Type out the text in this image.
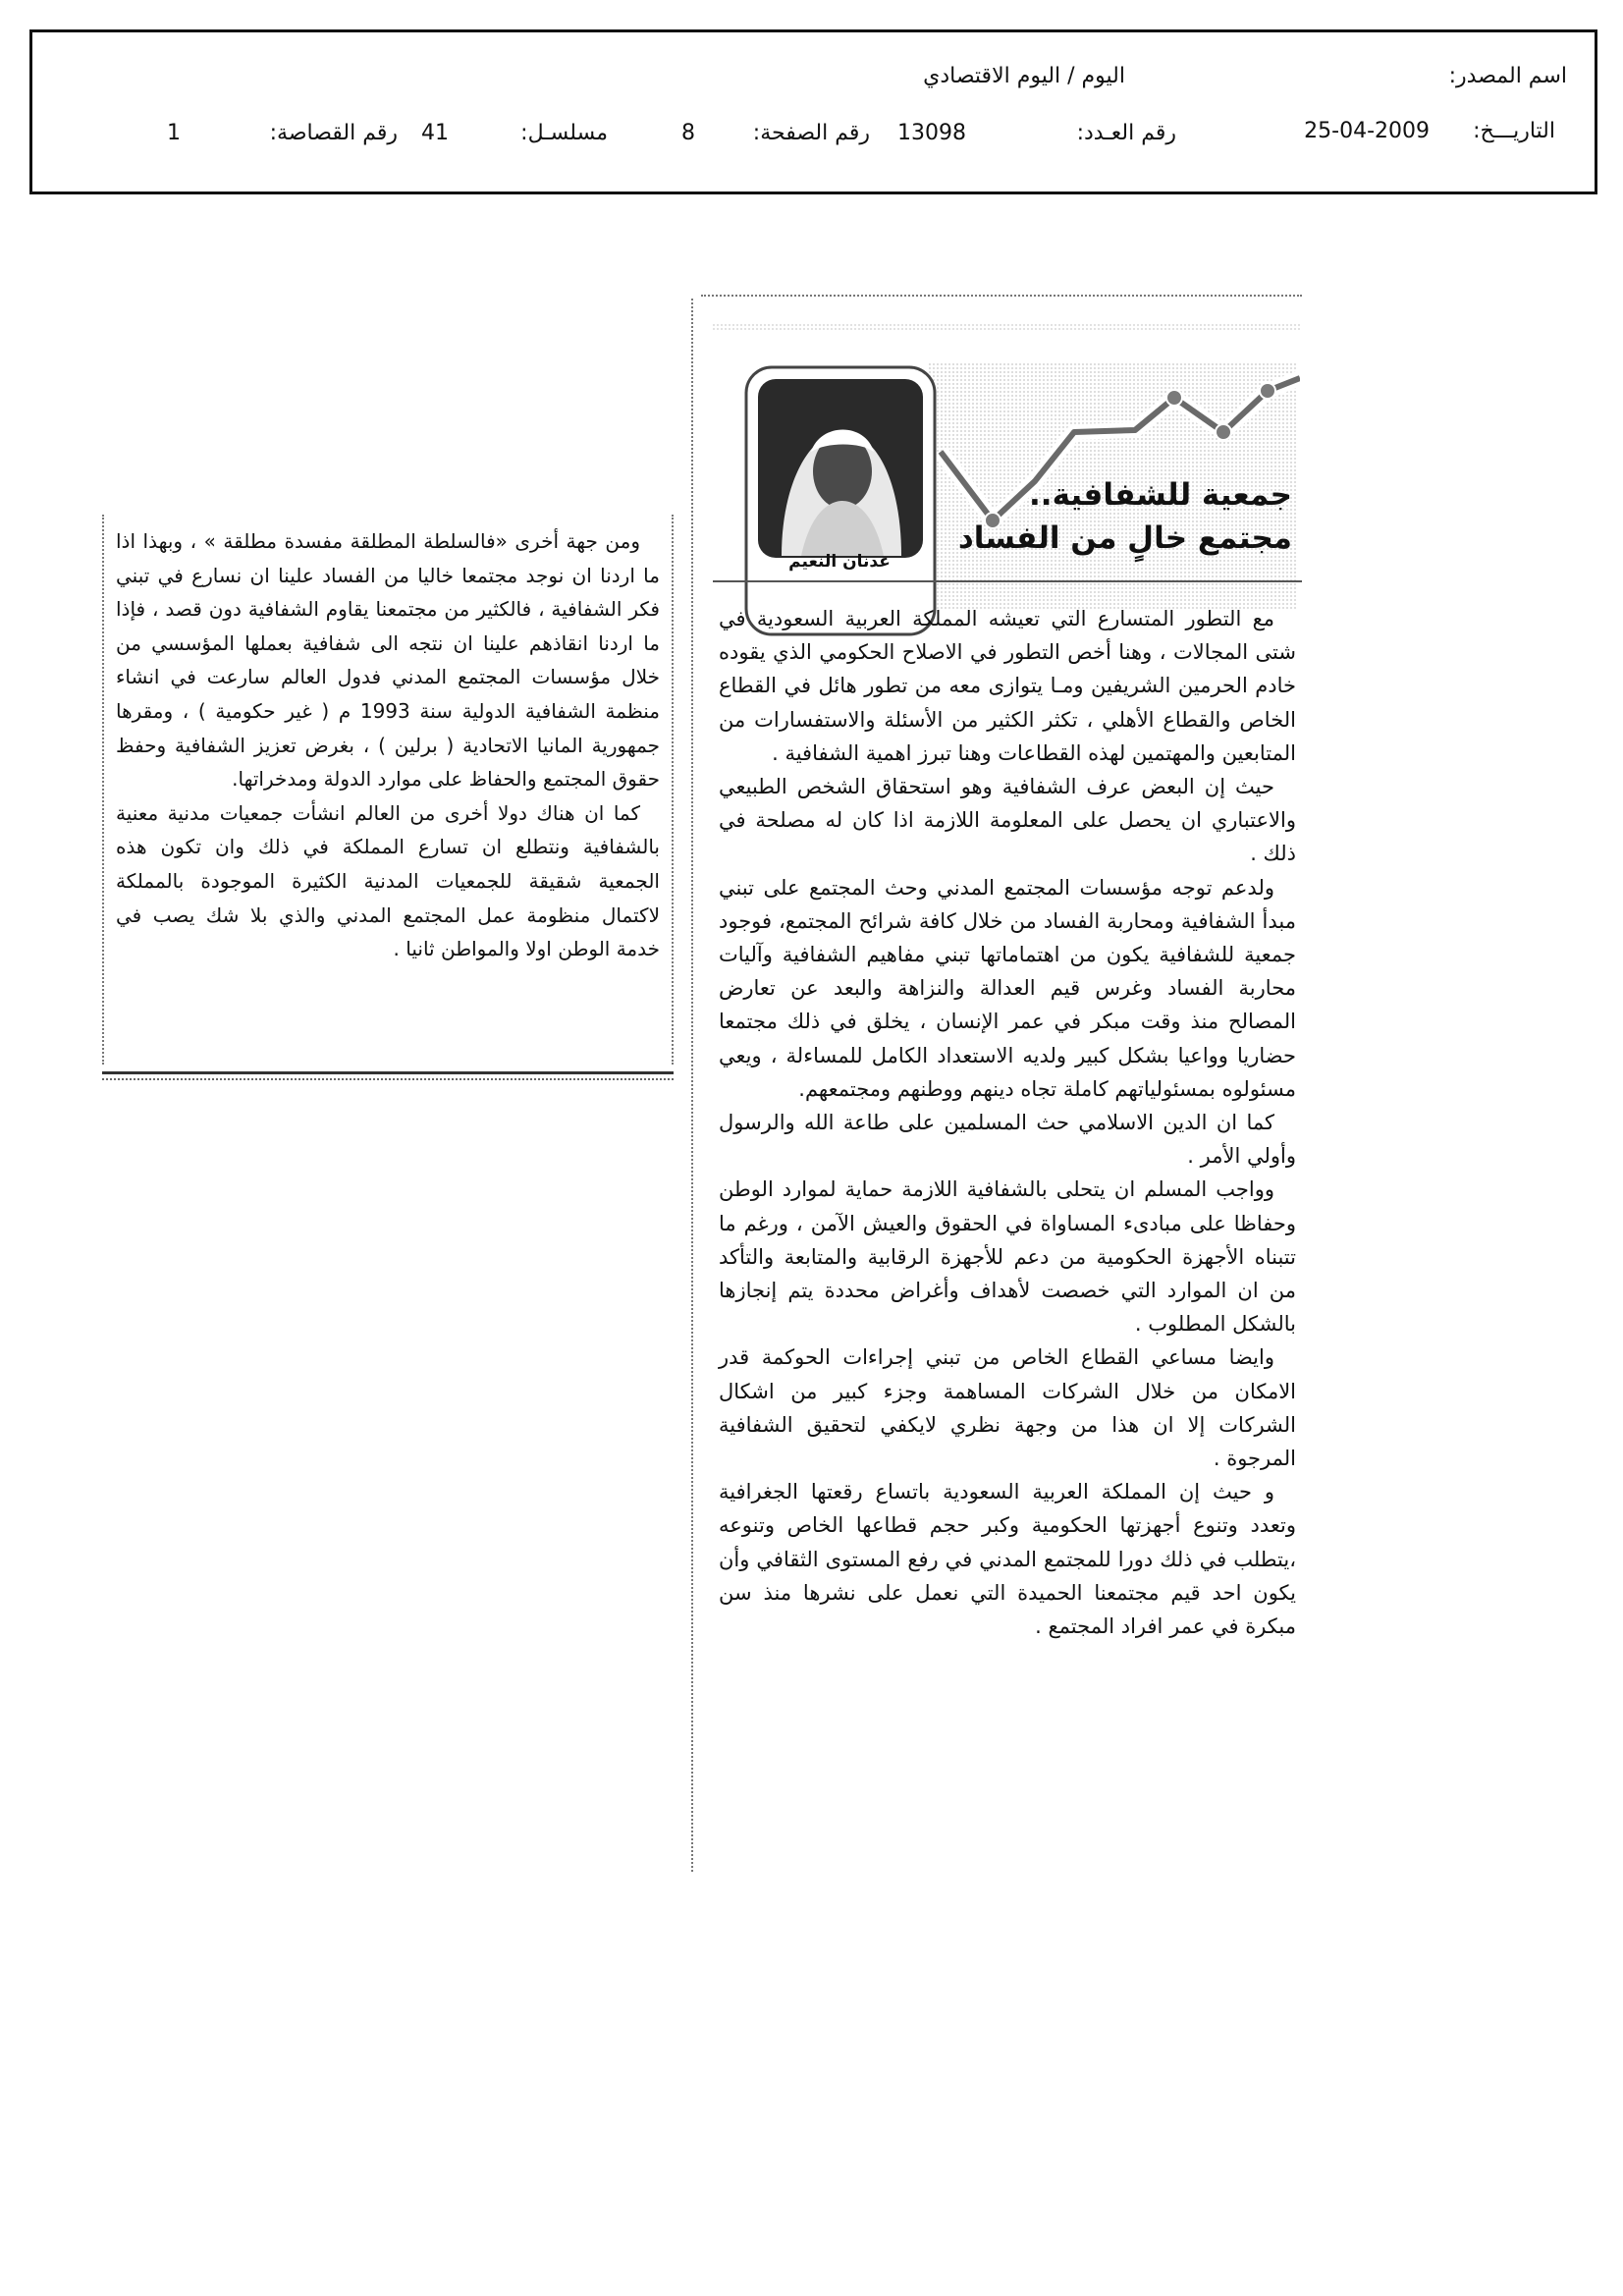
اسم المصدر:
اليوم / اليوم الاقتصادي
التاريـــخ:
25-04-2009
رقم العـدد:
13098
رقم الصفحة:
8
مسلسـل:
41
رقم القصاصة:
1
جمعية للشفافية..
مجتمع خالٍ من الفساد
عدنان النعيم

مع التطور المتسارع التي تعيشه المملكة العربية السعودية في شتى المجالات ، وهنا أخص التطور في الاصلاح الحكومي الذي يقوده خادم الحرمين الشريفين ومـا يتوازى معه من تطور هائل في القطاع الخاص والقطاع الأهلي ، تكثر الكثير من الأسئلة والاستفسارات من المتابعين والمهتمين لهذه القطاعات وهنا تبرز اهمية الشفافية .

حيث إن البعض عرف الشفافية وهو استحقاق الشخص الطبيعي والاعتباري ان يحصل على المعلومة اللازمة اذا كان له مصلحة في ذلك .

ولدعم توجه مؤسسات المجتمع المدني وحث المجتمع على تبني مبدأ الشفافية ومحاربة الفساد من خلال كافة شرائح المجتمع، فوجود جمعية للشفافية يكون من اهتماماتها تبني مفاهيم الشفافية وآليات محاربة الفساد وغرس قيم العدالة والنزاهة والبعد عن تعارض المصالح منذ وقت مبكر في عمر الإنسان ، يخلق في ذلك مجتمعا حضاريا وواعيا بشكل كبير ولديه الاستعداد الكامل للمساءلة ، ويعي مسئولوه بمسئولياتهم كاملة تجاه دينهم ووطنهم ومجتمعهم.

كما ان الدين الاسلامي حث المسلمين على طاعة الله والرسول وأولي الأمر .

وواجب المسلم ان يتحلى بالشفافية اللازمة حماية لموارد الوطن وحفاظا على مبادىء المساواة في الحقوق والعيش الآمن ، ورغم ما تتبناه الأجهزة الحكومية من دعم للأجهزة الرقابية والمتابعة والتأكد من ان الموارد التي خصصت لأهداف وأغراض محددة يتم إنجازها بالشكل المطلوب .

وايضا مساعي القطاع الخاص من تبني إجراءات الحوكمة قدر الامكان من خلال الشركات المساهمة وجزء كبير من اشكال الشركات إلا ان هذا من وجهة نظري لايكفي لتحقيق الشفافية المرجوة .

و حيث إن المملكة العربية السعودية باتساع رقعتها الجغرافية وتعدد وتنوع أجهزتها الحكومية وكبر حجم قطاعها الخاص وتنوعه ،يتطلب في ذلك دورا للمجتمع المدني في رفع المستوى الثقافي وأن يكون احد قيم مجتمعنا الحميدة التي نعمل على نشرها منذ سن مبكرة في عمر افراد المجتمع .

ومن جهة أخرى «فالسلطة المطلقة مفسدة مطلقة » ، وبهذا اذا ما اردنا ان نوجد مجتمعا خاليا من الفساد علينا ان نسارع في تبني فكر الشفافية ، فالكثير من مجتمعنا يقاوم الشفافية دون قصد ، فإذا ما اردنا انقاذهم علينا ان نتجه الى شفافية بعملها المؤسسي من خلال مؤسسات المجتمع المدني فدول العالم سارعت في انشاء منظمة الشفافية الدولية سنة 1993 م ( غير حكومية ) ، ومقرها جمهورية المانيا الاتحادية ( برلين ) ، بغرض تعزيز الشفافية وحفظ حقوق المجتمع والحفاظ على موارد الدولة ومدخراتها.

كما ان هناك دولا أخرى من العالم انشأت جمعيات مدنية معنية بالشفافية ونتطلع ان تسارع المملكة في ذلك وان تكون هذه الجمعية شقيقة للجمعيات المدنية الكثيرة الموجودة بالمملكة لاكتمال منظومة عمل المجتمع المدني والذي بلا شك يصب في خدمة الوطن اولا والمواطن ثانيا .
